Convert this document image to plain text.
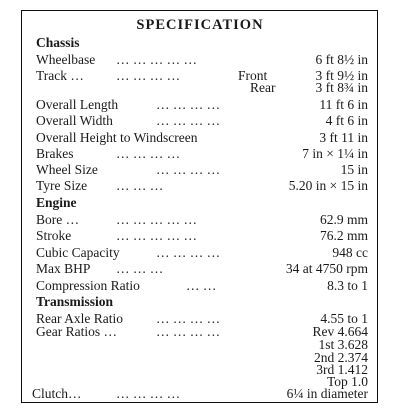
SPECIFICATION
Chassis
Wheelbase … … … … …	6 ft 8½ in
Track … … … … …	Front	3 ft 9½ in
Rear	3 ft 8¾ in
Overall Length	… … … …	11 ft 6 in
Overall Width	… … … …	4 ft 6 in
Overall Height to Windscreen	3 ft 11 in
Brakes	… … … …	7 in × 1¼ in
Wheel Size	… … … …	15 in
Tyre Size … … …	5.20 in × 15 in
Engine
Bore …	… … … … …	62.9 mm
Stroke	… … … … …	76.2 mm
Cubic Capacity	… … … …	948 cc
Max BHP … … …	34 at 4750 rpm
Compression Ratio	… …	8.3 to 1
Transmission
Rear Axle Ratio … … … …	4.55 to 1
Gear Ratios …	… … … …	Rev 4.664
1st 3.628
2nd 2.374
3rd 1.412
Top 1.0
Clutch…	… … … …	6¼ in diameter
